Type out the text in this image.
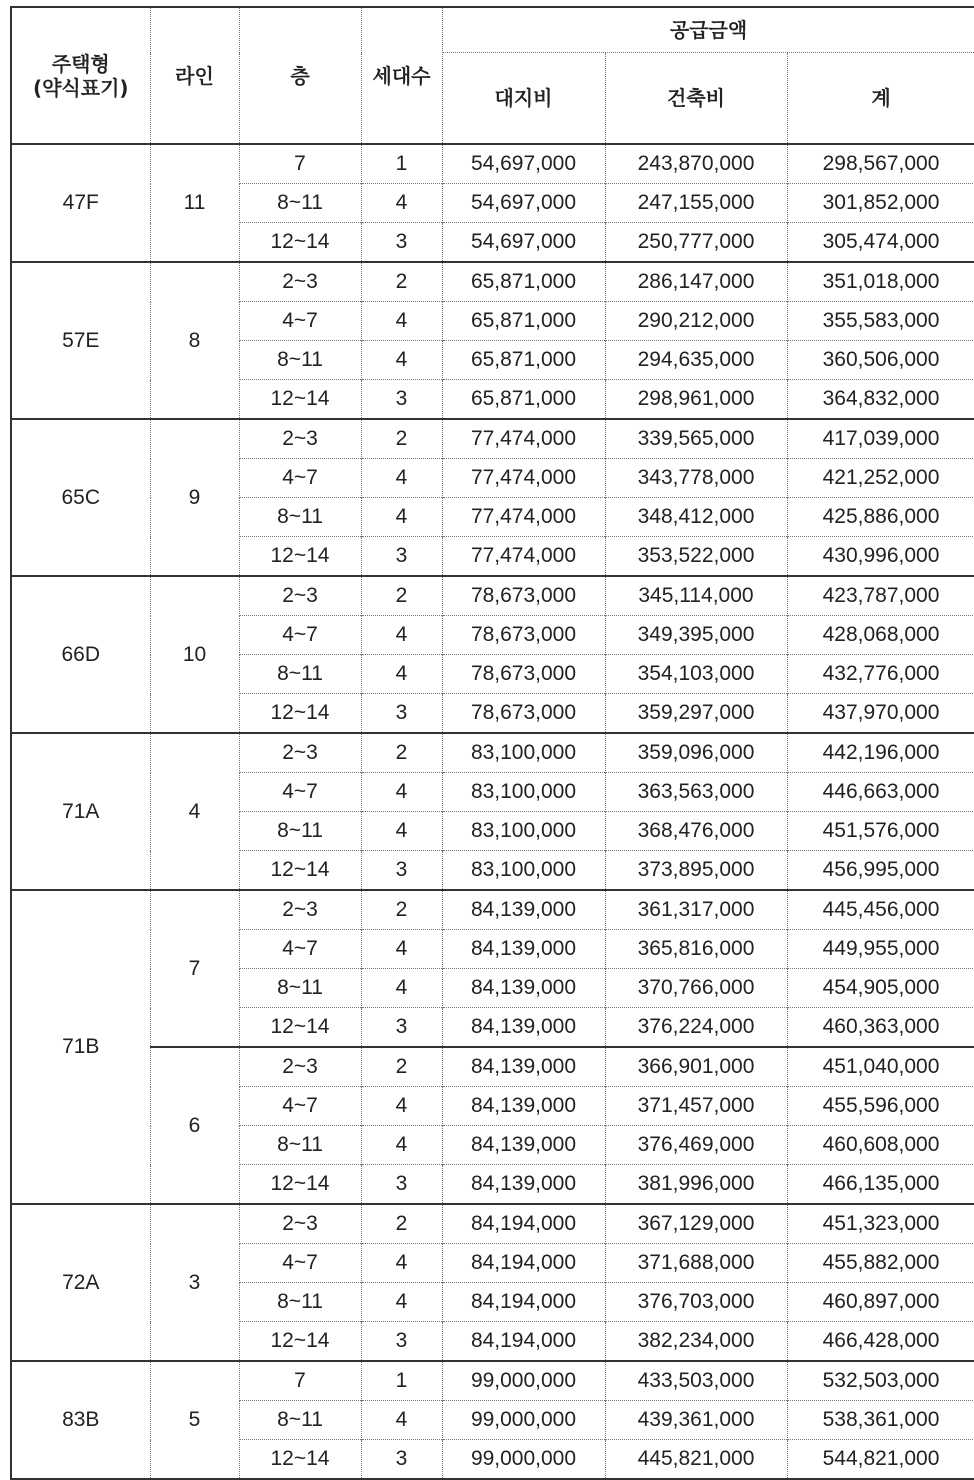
주택형
(약식표기)	라인	층	세대수	공급금액		
				대지비	건축비	계
47F	11	7	1	54,697,000	243,870,000	298,567,000
		8~11	4	54,697,000	247,155,000	301,852,000
		12~14	3	54,697,000	250,777,000	305,474,000
57E	8	2~3	2	65,871,000	286,147,000	351,018,000
		4~7	4	65,871,000	290,212,000	355,583,000
		8~11	4	65,871,000	294,635,000	360,506,000
		12~14	3	65,871,000	298,961,000	364,832,000
65C	9	2~3	2	77,474,000	339,565,000	417,039,000
		4~7	4	77,474,000	343,778,000	421,252,000
		8~11	4	77,474,000	348,412,000	425,886,000
		12~14	3	77,474,000	353,522,000	430,996,000
66D	10	2~3	2	78,673,000	345,114,000	423,787,000
		4~7	4	78,673,000	349,395,000	428,068,000
		8~11	4	78,673,000	354,103,000	432,776,000
		12~14	3	78,673,000	359,297,000	437,970,000
71A	4	2~3	2	83,100,000	359,096,000	442,196,000
		4~7	4	83,100,000	363,563,000	446,663,000
		8~11	4	83,100,000	368,476,000	451,576,000
		12~14	3	83,100,000	373,895,000	456,995,000
71B	7	2~3	2	84,139,000	361,317,000	445,456,000
		4~7	4	84,139,000	365,816,000	449,955,000
		8~11	4	84,139,000	370,766,000	454,905,000
		12~14	3	84,139,000	376,224,000	460,363,000
	6	2~3	2	84,139,000	366,901,000	451,040,000
		4~7	4	84,139,000	371,457,000	455,596,000
		8~11	4	84,139,000	376,469,000	460,608,000
		12~14	3	84,139,000	381,996,000	466,135,000
72A	3	2~3	2	84,194,000	367,129,000	451,323,000
		4~7	4	84,194,000	371,688,000	455,882,000
		8~11	4	84,194,000	376,703,000	460,897,000
		12~14	3	84,194,000	382,234,000	466,428,000
83B	5	7	1	99,000,000	433,503,000	532,503,000
		8~11	4	99,000,000	439,361,000	538,361,000
		12~14	3	99,000,000	445,821,000	544,821,000
